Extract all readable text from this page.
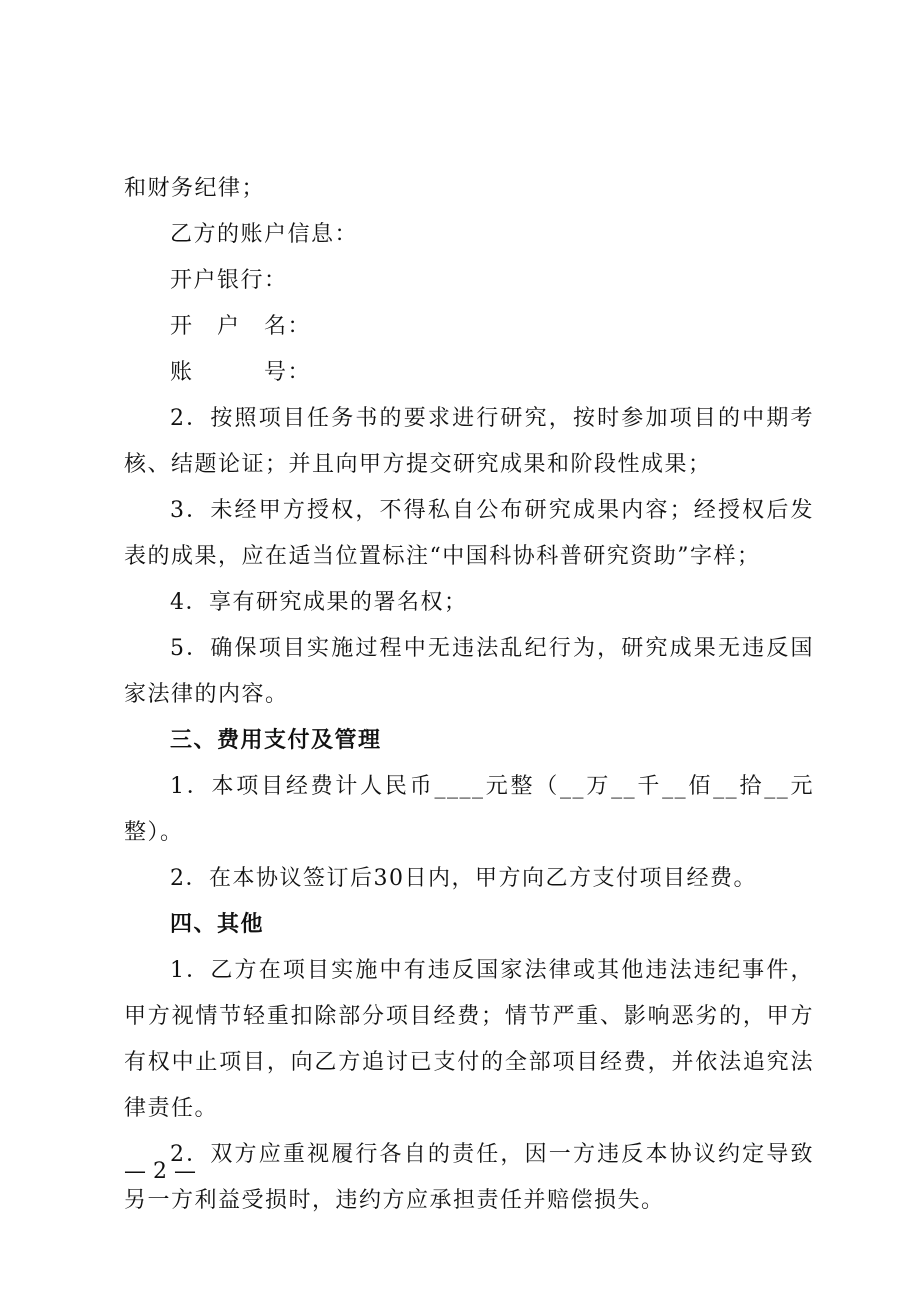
和财务纪律；

乙方的账户信息：

开户银行：

开　户　名：

账　　　号：

2．按照项目任务书的要求进行研究，按时参加项目的中期考核、结题论证；并且向甲方提交研究成果和阶段性成果；

3．未经甲方授权，不得私自公布研究成果内容；经授权后发表的成果，应在适当位置标注“中国科协科普研究资助”字样；

4．享有研究成果的署名权；

5．确保项目实施过程中无违法乱纪行为，研究成果无违反国家法律的内容。

三、费用支付及管理

1．本项目经费计人民币____元整（__万__千__佰__拾__元整）。

2．在本协议签订后30日内，甲方向乙方支付项目经费。

四、其他

1．乙方在项目实施中有违反国家法律或其他违法违纪事件，甲方视情节轻重扣除部分项目经费；情节严重、影响恶劣的，甲方有权中止项目，向乙方追讨已支付的全部项目经费，并依法追究法律责任。

2．双方应重视履行各自的责任，因一方违反本协议约定导致另一方利益受损时，违约方应承担责任并赔偿损失。

— 2 —
